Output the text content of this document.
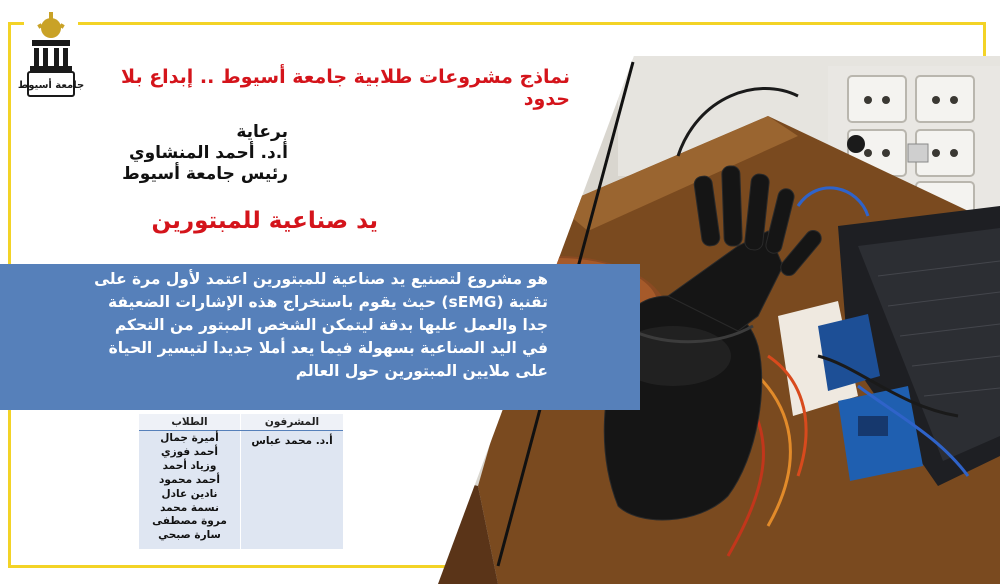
جامعة أسيوط	نماذج مشروعات طلابية جامعة أسيوط .. إبداع بلا حدود
برعاية
أ.د. أحمد المنشاوي
رئيس جامعة أسيوط
يد صناعية للمبتورين
هو مشروع لتصنيع يد صناعية للمبتورين اعتمد لأول مرة على
تقنية (sEMG) حيث يقوم باستخراج هذه الإشارات الضعيفة
جدا والعمل عليها بدقة ليتمكن الشخص المبتور من التحكم
في اليد الصناعية بسهولة فيما يعد أملا جديدا لتيسير الحياة
على ملايين المبتورين حول العالم
الطلاب	المشرفون
أ.د. محمد عباس
أميرة جمال
أحمد فوزي
وزياد أحمد
أحمد محمود
نادين عادل
نسمة محمد
مروة مصطفى
سارة صبحي
